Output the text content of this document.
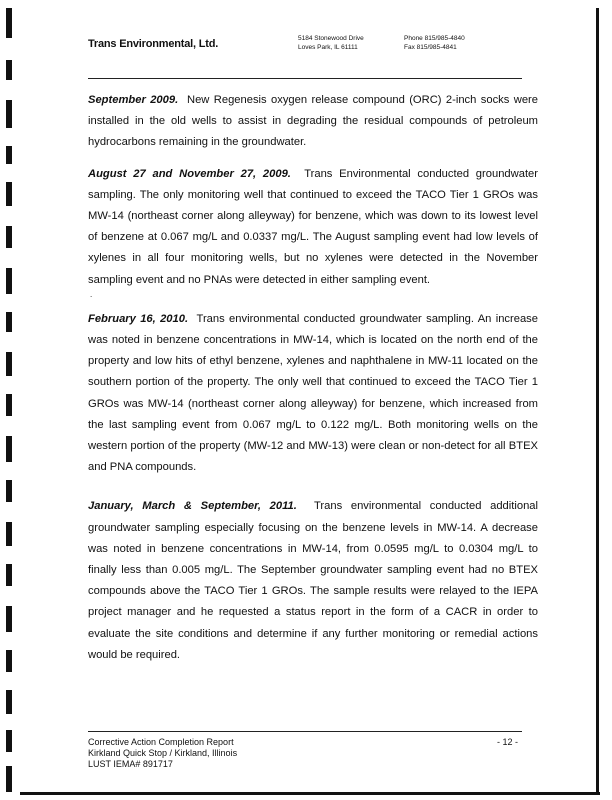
Trans Environmental, Ltd.	5184 Stonewood Drive
Loves Park, IL 61111
Phone 815/985-4840
Fax 815/985-4841

September 2009. New Regenesis oxygen release compound (ORC) 2-inch socks were installed in the old wells to assist in degrading the residual compounds of petroleum hydrocarbons remaining in the groundwater.

August 27 and November 27, 2009. Trans Environmental conducted groundwater sampling. The only monitoring well that continued to exceed the TACO Tier 1 GROs was MW-14 (northeast corner along alleyway) for benzene, which was down to its lowest level of benzene at 0.067 mg/L and 0.0337 mg/L. The August sampling event had low levels of xylenes in all four monitoring wells, but no xylenes were detected in the November sampling event and no PNAs were detected in either sampling event.

.

February 16, 2010. Trans environmental conducted groundwater sampling. An increase was noted in benzene concentrations in MW-14, which is located on the north end of the property and low hits of ethyl benzene, xylenes and naphthalene in MW-11 located on the southern portion of the property. The only well that continued to exceed the TACO Tier 1 GROs was MW-14 (northeast corner along alleyway) for benzene, which increased from the last sampling event from 0.067 mg/L to 0.122 mg/L. Both monitoring wells on the western portion of the property (MW-12 and MW-13) were clean or non-detect for all BTEX and PNA compounds.

January, March & September, 2011. Trans environmental conducted additional groundwater sampling especially focusing on the benzene levels in MW-14. A decrease was noted in benzene concentrations in MW-14, from 0.0595 mg/L to 0.0304 mg/L to finally less than 0.005 mg/L. The September groundwater sampling event had no BTEX compounds above the TACO Tier 1 GROs. The sample results were relayed to the IEPA project manager and he requested a status report in the form of a CACR in order to evaluate the site conditions and determine if any further monitoring or remedial actions would be required.

Corrective Action Completion Report
Kirkland Quick Stop / Kirkland, Illinois
LUST IEMA# 891717
- 12 -
